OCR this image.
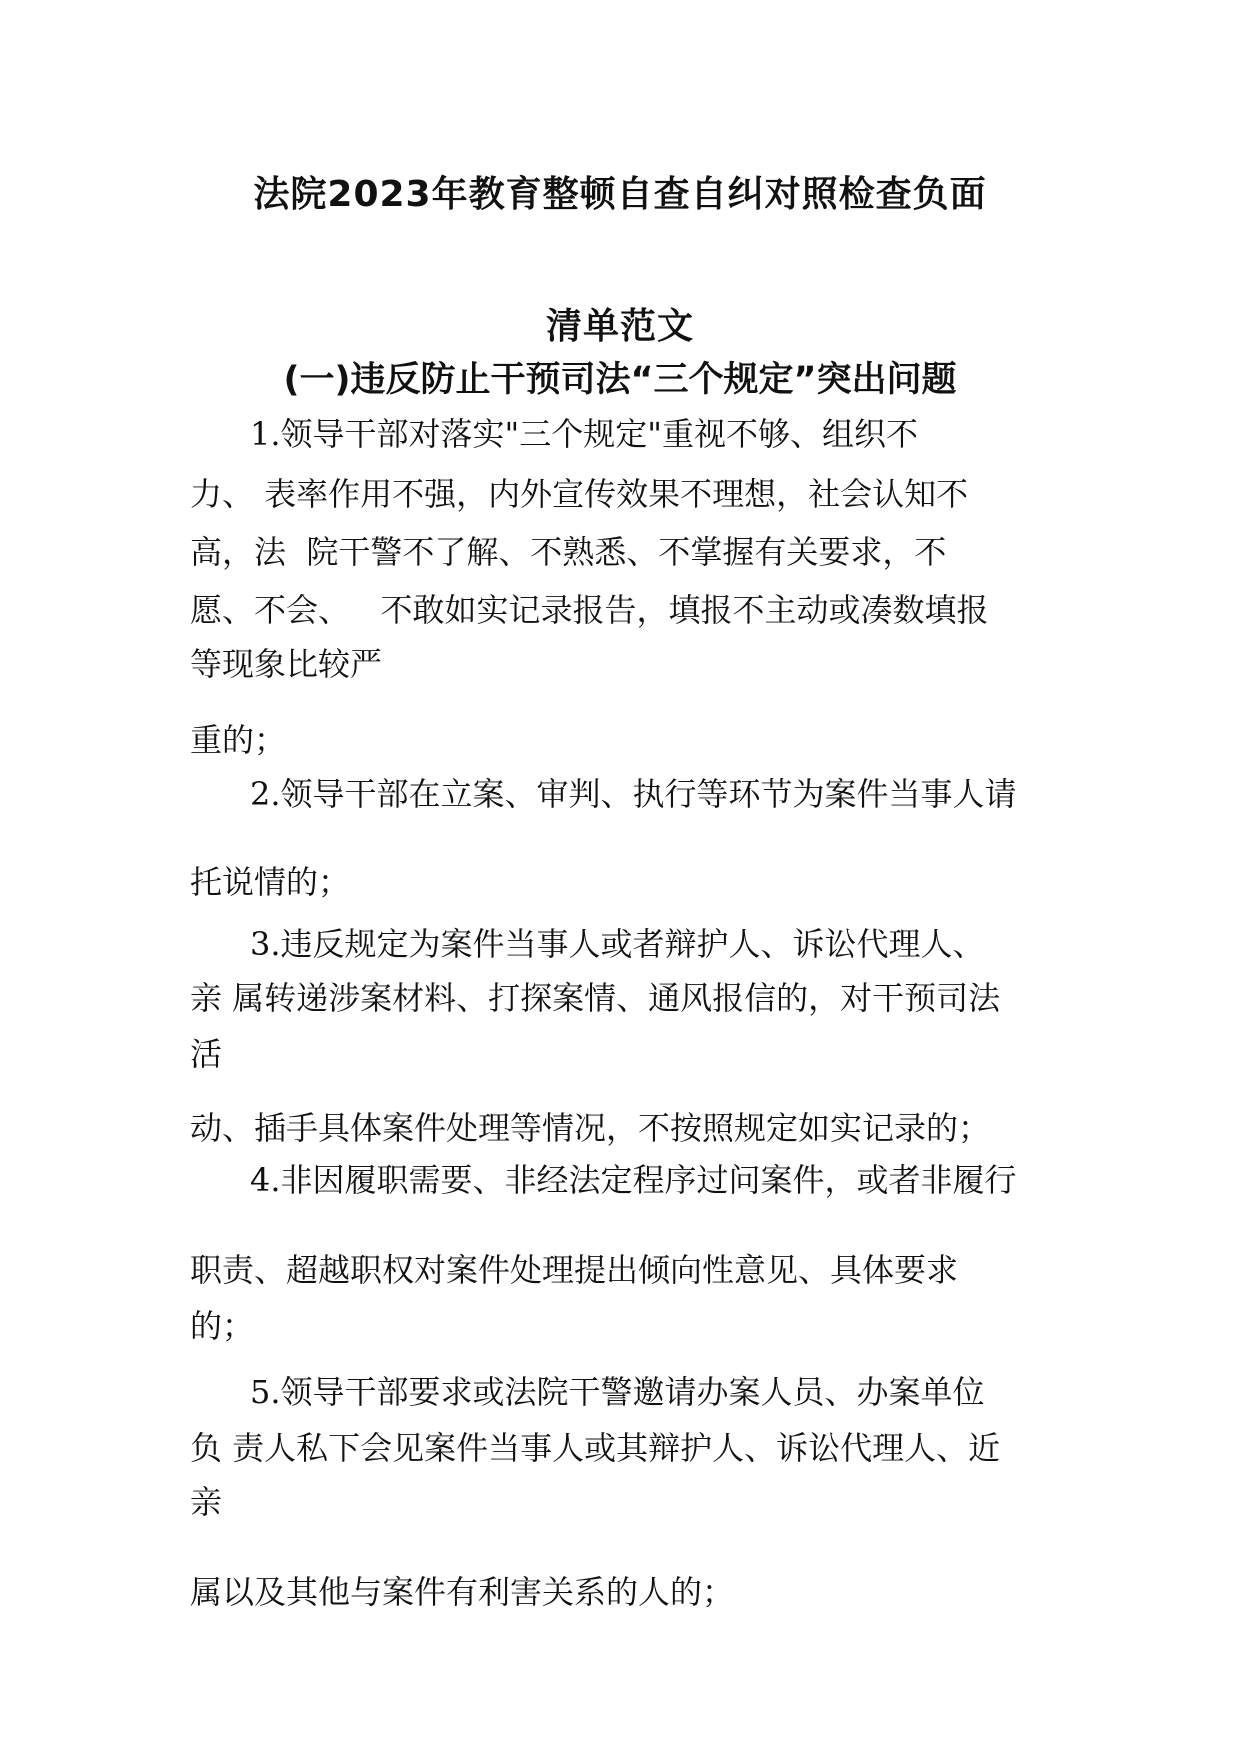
法院2023年教育整顿自查自纠对照检查负面
清单范文
(一)违反防止干预司法“三个规定”突出问题
1.领导干部对落实"三个规定"重视不够、组织不
力、 表率作用不强，内外宣传效果不理想，社会认知不
高，法  院干警不了解、不熟悉、不掌握有关要求，不
愿、不会、   不敢如实记录报告，填报不主动或凑数填报
等现象比较严
重的；
2.领导干部在立案、审判、执行等环节为案件当事人请
托说情的；
3.违反规定为案件当事人或者辩护人、诉讼代理人、
亲 属转递涉案材料、打探案情、通风报信的，对干预司法
活
动、插手具体案件处理等情况，不按照规定如实记录的；
4.非因履职需要、非经法定程序过问案件，或者非履行
职责、超越职权对案件处理提出倾向性意见、具体要求
的；
5.领导干部要求或法院干警邀请办案人员、办案单位
负 责人私下会见案件当事人或其辩护人、诉讼代理人、近
亲
属以及其他与案件有利害关系的人的；
